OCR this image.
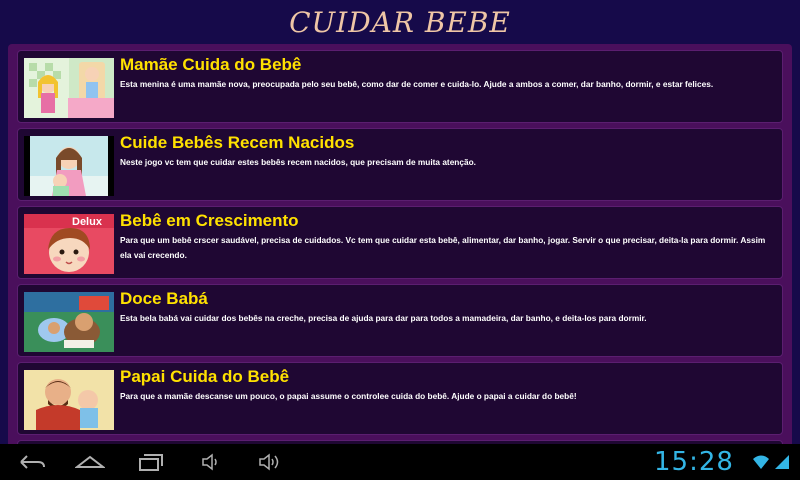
CUIDAR BEBE
Mamãe Cuida do Bebê
Esta menina é uma mamãe nova, preocupada pelo seu bebê, como dar de comer e cuida-lo. Ajude a ambos a comer, dar banho, dormir, e estar felices.
Cuide Bebês Recem Nacidos
Neste jogo vc tem que cuidar estes bebês recem nacidos, que precisam de muita atenção.
Delux Bebê em Crescimento
Para que um bebê crscer saudável, precisa de cuidados. Vc tem que cuidar esta bebê, alimentar, dar banho, jogar. Servir o que precisar, deita-la para dormir. Assim ela vai crecendo.
Doce Babá
Esta bela babá vai cuidar dos bebês na creche, precisa de ajuda para dar para todos a mamadeira, dar banho, e deita-los para dormir.
Papai Cuida do Bebê
Para que a mamãe descanse um pouco, o papai assume o controlee cuida do bebê. Ajude o papai a cuidar do bebê!
15:28
